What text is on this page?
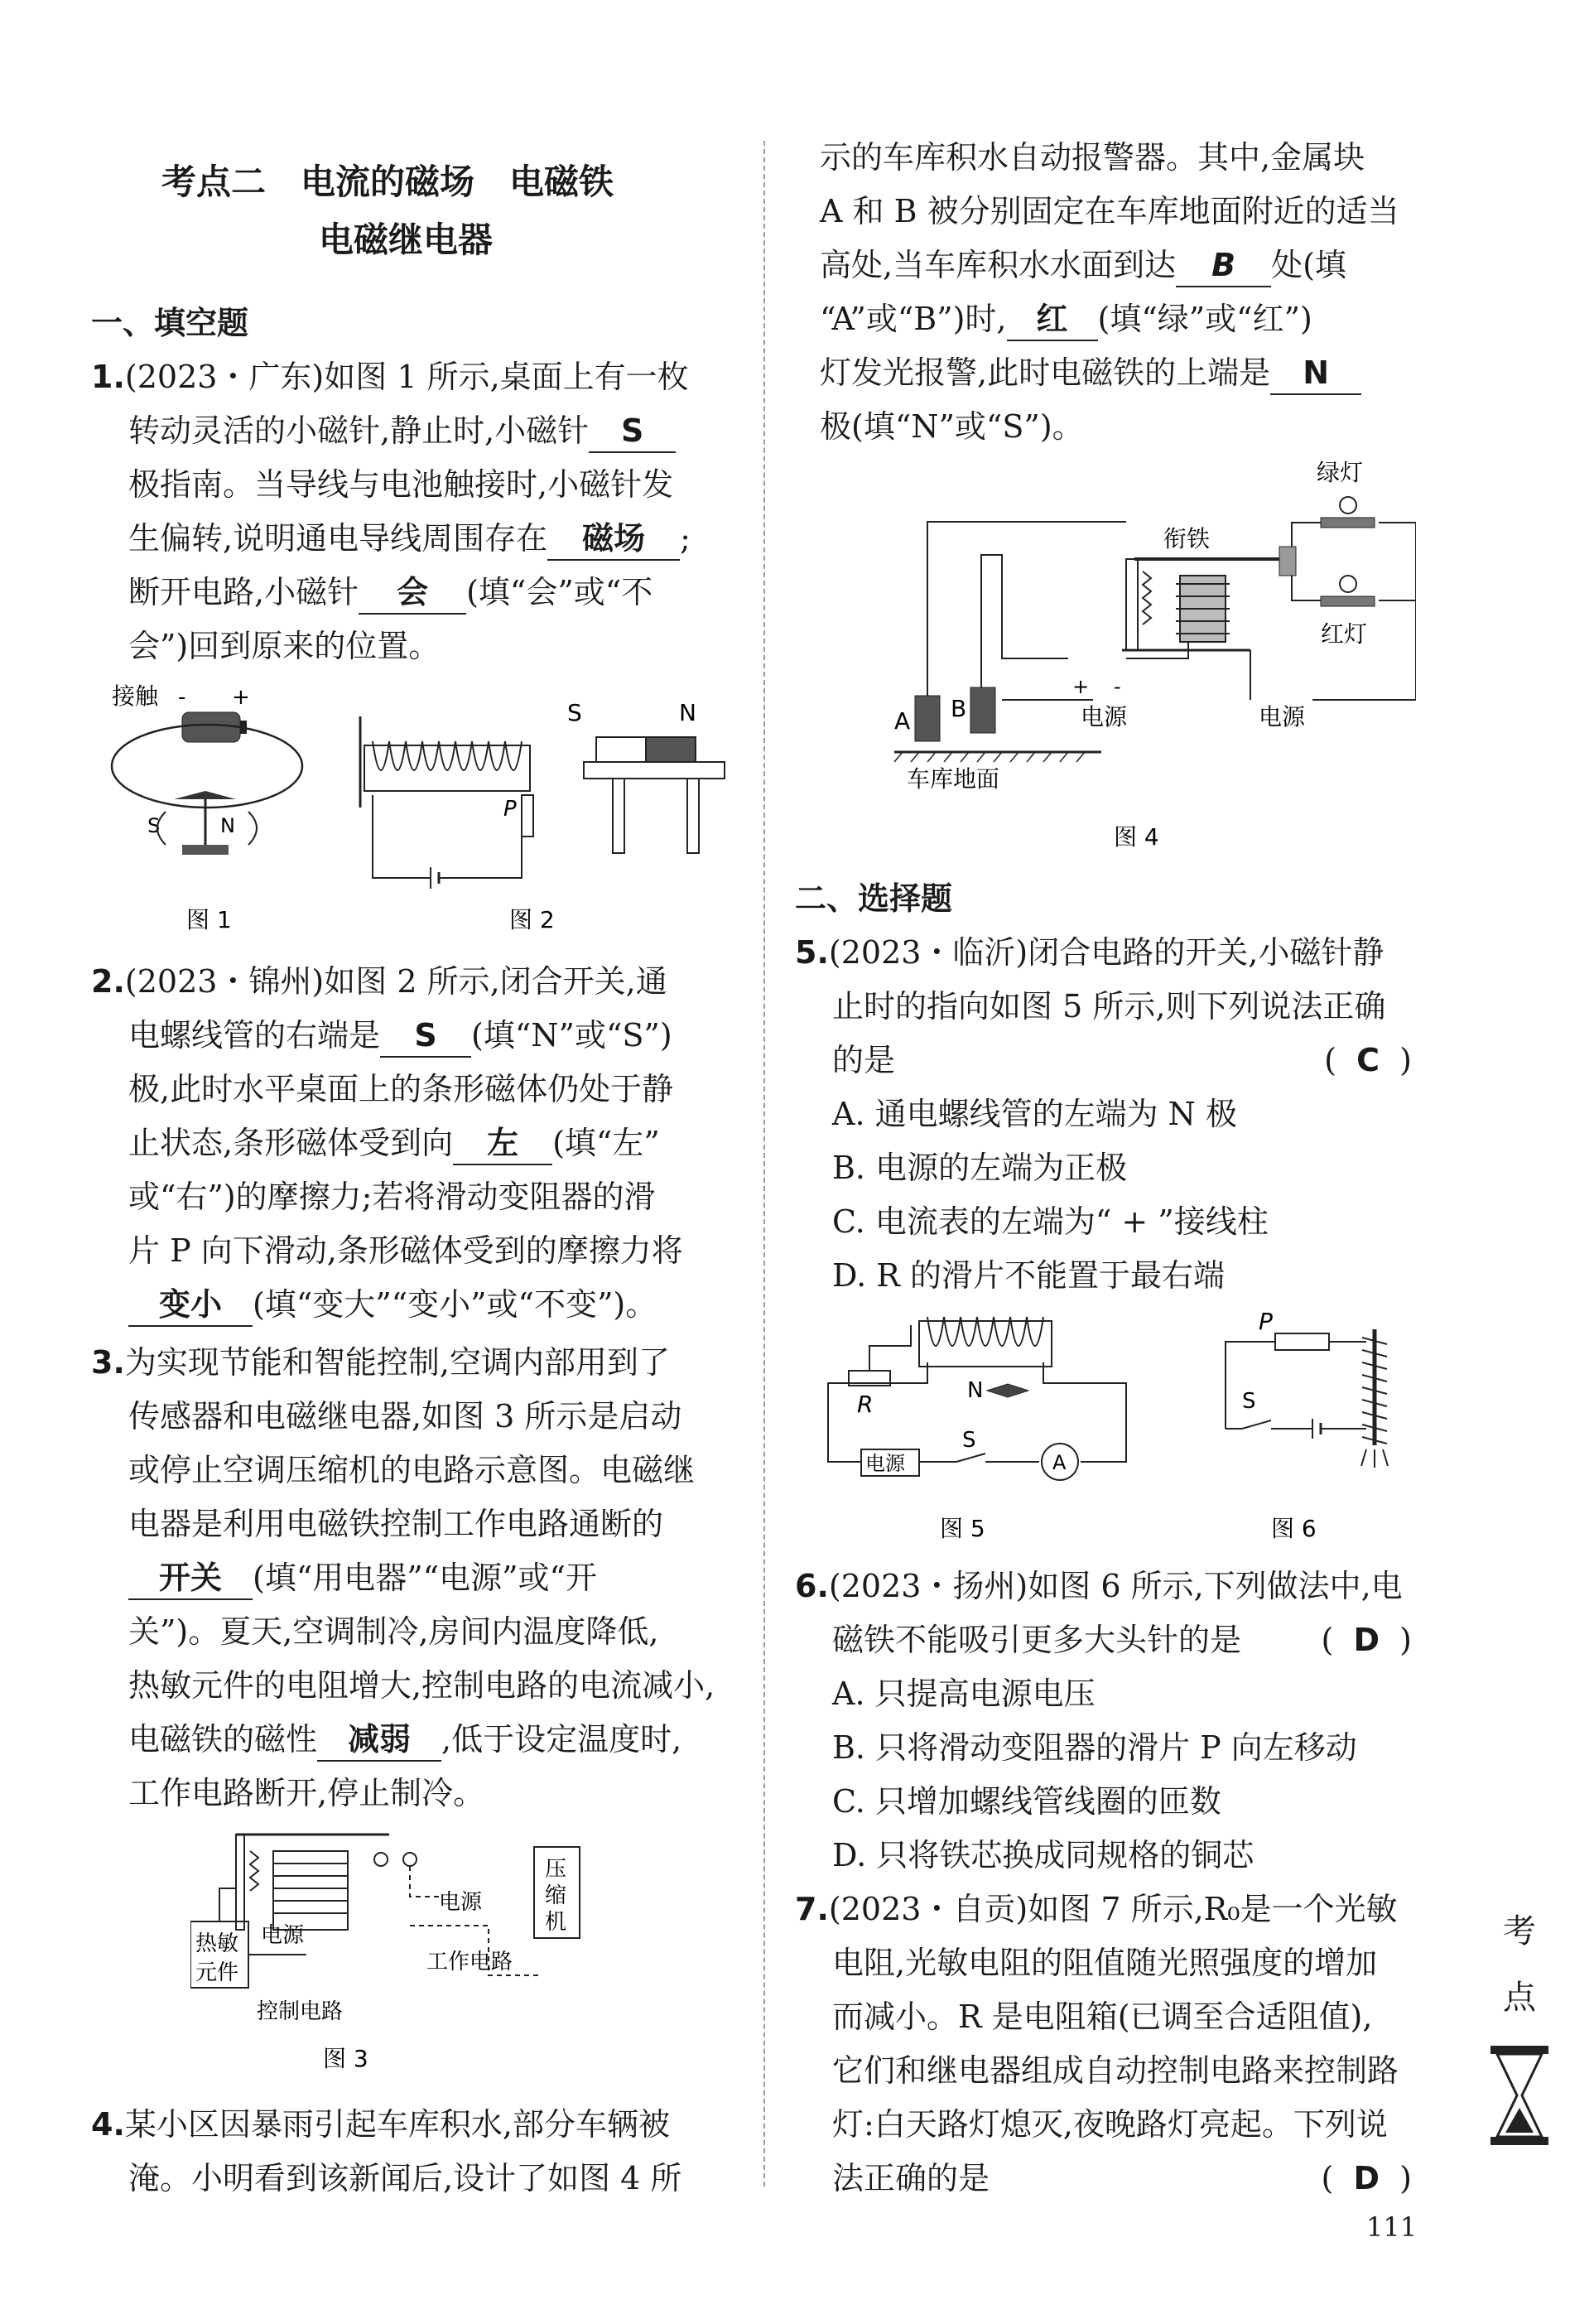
考点二　电流的磁场　电磁铁
电磁继电器
一、填空题
1.(2023・广东)如图 1 所示,桌面上有一枚
转动灵活的小磁针,静止时,小磁针 S
极指南。当导线与电池触接时,小磁针发
生偏转,说明通电导线周围存在 磁场 ;
断开电路,小磁针 会 (填“会”或“不
会”)回到原来的位置。
接触 - +
S	N
图 1
P
S	N
图 2
2.(2023・锦州)如图 2 所示,闭合开关,通
电螺线管的右端是 S (填“N”或“S”)
极,此时水平桌面上的条形磁体仍处于静
止状态,条形磁体受到向 左 (填“左”
或“右”)的摩擦力;若将滑动变阻器的滑
片 P 向下滑动,条形磁体受到的摩擦力将
变小 (填“变大”“变小”或“不变”)。
3.为实现节能和智能控制,空调内部用到了
传感器和电磁继电器,如图 3 所示是启动
或停止空调压缩机的电路示意图。电磁继
电器是利用电磁铁控制工作电路通断的
开关 (填“用电器”“电源”或“开
关”)。夏天,空调制冷,房间内温度降低,
热敏元件的电阻增大,控制电路的电流减小,
电磁铁的磁性 减弱 ,低于设定温度时,
工作电路断开,停止制冷。
热敏
元件
电源
控制电路
电源
压
缩
机
工作电路
图 3
4.某小区因暴雨引起车库积水,部分车辆被
淹。小明看到该新闻后,设计了如图 4 所
示的车库积水自动报警器。其中,金属块
A 和 B 被分别固定在车库地面附近的适当
高处,当车库积水水面到达 B 处(填
“A”或“B”)时, 红 (填“绿”或“红”)
灯发光报警,此时电磁铁的上端是 N
极(填“N”或“S”)。
绿灯
衔铁
红灯
+ -
电源	电源
A B
车库地面
图 4
二、选择题
5.(2023・临沂)闭合电路的开关,小磁针静
止时的指向如图 5 所示,则下列说法正确
的是	(  C  )
A. 通电螺线管的左端为 N 极
B. 电源的左端为正极
C. 电流表的左端为“ + ”接线柱
D. R 的滑片不能置于最右端
R	N
电源
S
A
图 5
P
S
图 6
6.(2023・扬州)如图 6 所示,下列做法中,电
磁铁不能吸引更多大头针的是	(  D  )
A. 只提高电源电压
B. 只将滑动变阻器的滑片 P 向左移动
C. 只增加螺线管线圈的匝数
D. 只将铁芯换成同规格的铜芯
7.(2023・自贡)如图 7 所示,R₀是一个光敏
电阻,光敏电阻的阻值随光照强度的增加
而减小。R 是电阻箱(已调至合适阻值),
它们和继电器组成自动控制电路来控制路
灯:白天路灯熄灭,夜晚路灯亮起。下列说
法正确的是	(  D  )
考
点
111
